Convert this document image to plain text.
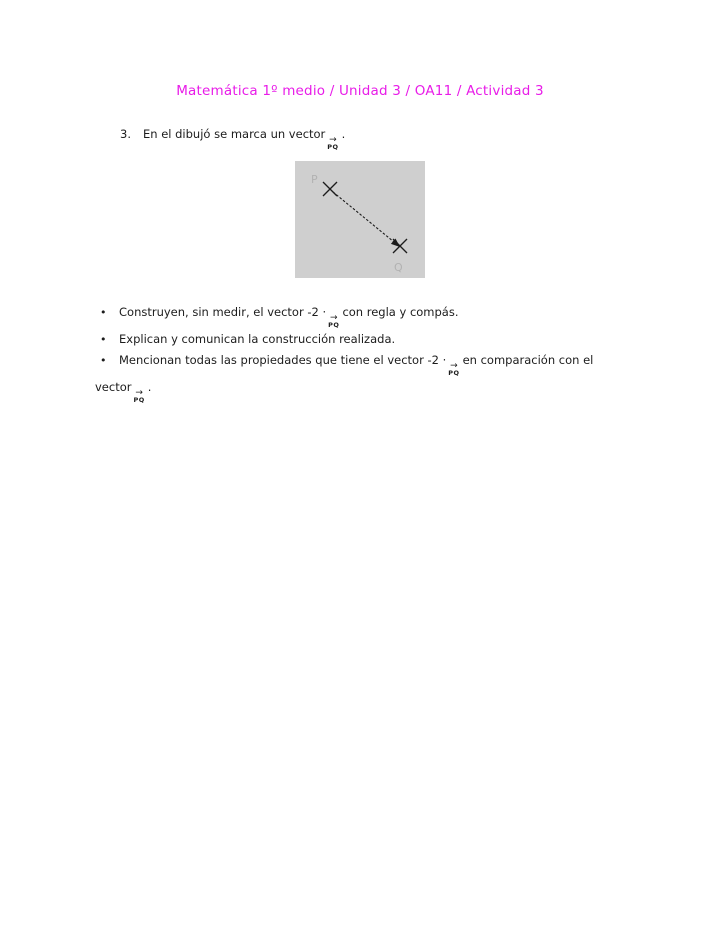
Matemática 1º medio / Unidad 3 / OA11 / Actividad 3
3.	En el dibujó se marca un vector →
PQ
.
P
Q
•	Construyen, sin medir, el vector -2 · →
PQ
con regla y compás.
•	Explican y comunican la construcción realizada.
•	Mencionan todas las propiedades que tiene el vector -2 · →
PQ
en comparación con el
vector →
PQ
.
